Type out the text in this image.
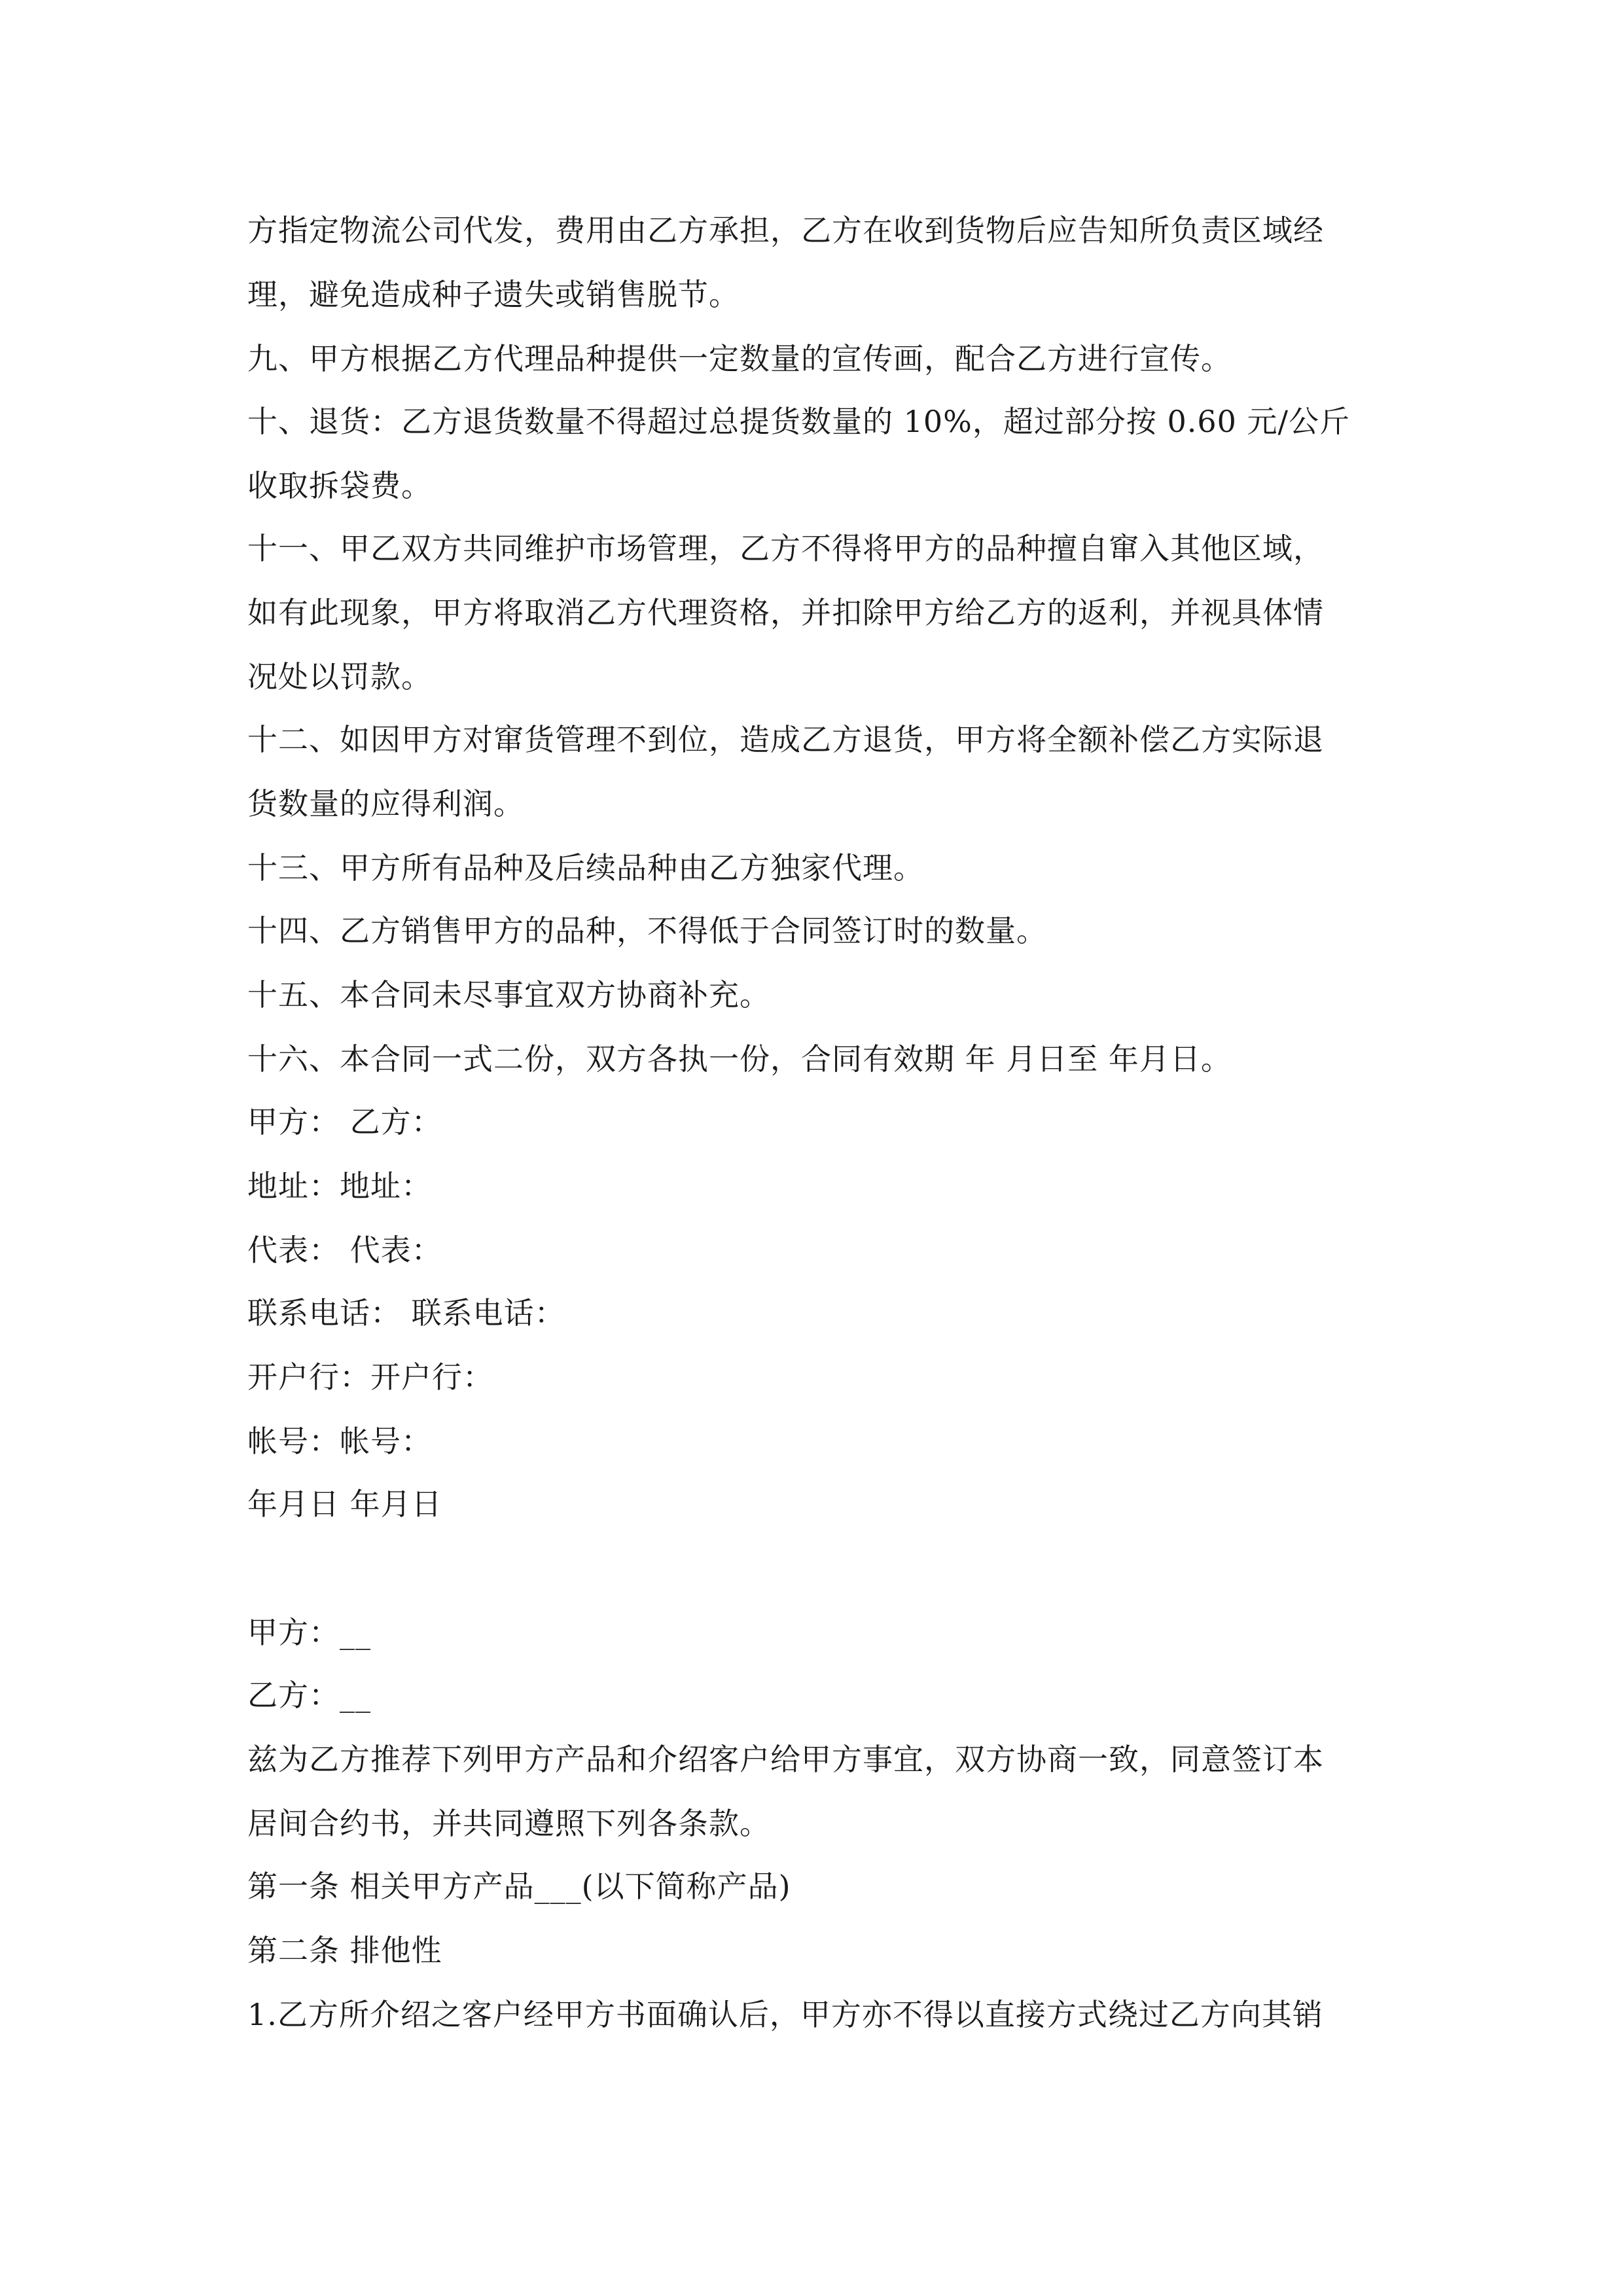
方指定物流公司代发，费用由乙方承担，乙方在收到货物后应告知所负责区域经
理，避免造成种子遗失或销售脱节。
九、甲方根据乙方代理品种提供一定数量的宣传画，配合乙方进行宣传。
十、退货：乙方退货数量不得超过总提货数量的 10%，超过部分按 0.60 元/公斤
收取拆袋费。
十一、甲乙双方共同维护市场管理，乙方不得将甲方的品种擅自窜入其他区域，
如有此现象，甲方将取消乙方代理资格，并扣除甲方给乙方的返利，并视具体情
况处以罚款。
十二、如因甲方对窜货管理不到位，造成乙方退货，甲方将全额补偿乙方实际退
货数量的应得利润。
十三、甲方所有品种及后续品种由乙方独家代理。
十四、乙方销售甲方的品种，不得低于合同签订时的数量。
十五、本合同未尽事宜双方协商补充。
十六、本合同一式二份，双方各执一份，合同有效期 年 月日至 年月日。
甲方： 乙方：
地址：地址：
代表： 代表：
联系电话： 联系电话：
开户行：开户行：
帐号：帐号：
年月日 年月日
甲方：__
乙方：__
兹为乙方推荐下列甲方产品和介绍客户给甲方事宜，双方协商一致，同意签订本
居间合约书，并共同遵照下列各条款。
第一条 相关甲方产品___(以下简称产品)
第二条 排他性
1.乙方所介绍之客户经甲方书面确认后，甲方亦不得以直接方式绕过乙方向其销
